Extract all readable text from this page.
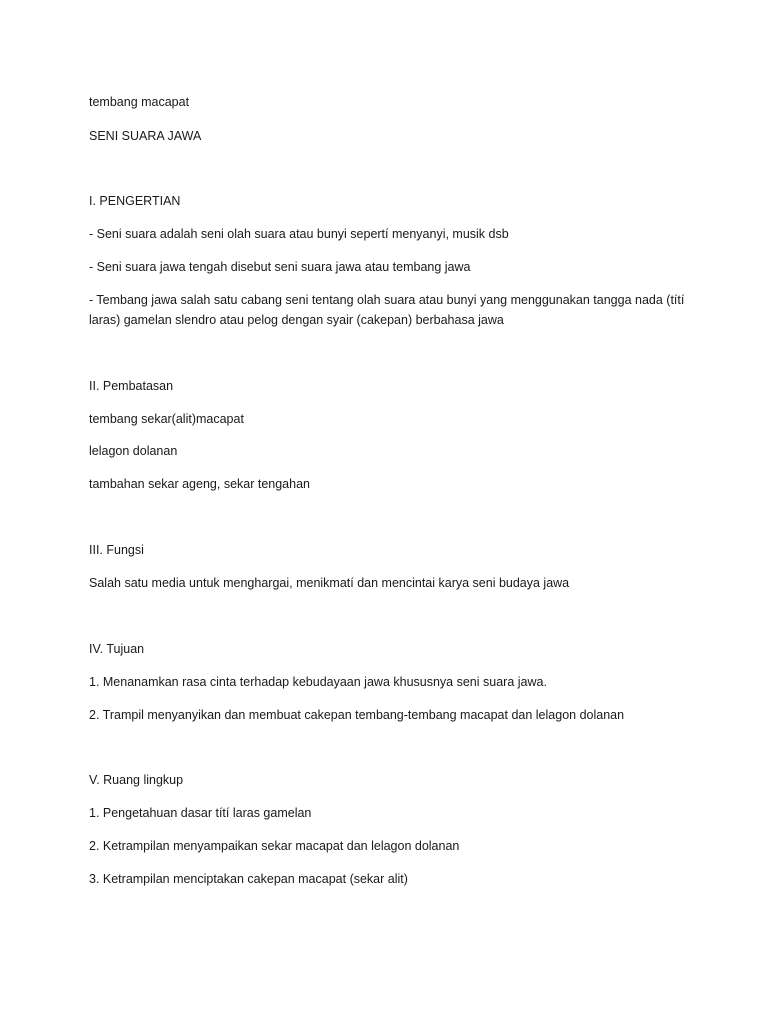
tembang macapat
SENI SUARA JAWA
I. PENGERTIAN
- Seni suara adalah seni olah suara atau bunyi sepertí menyanyi, musik dsb
- Seni suara jawa tengah disebut seni suara jawa atau tembang jawa
- Tembang jawa salah satu cabang seni tentang olah suara atau bunyi yang menggunakan tangga nada (títí laras) gamelan slendro atau pelog dengan syair (cakepan) berbahasa jawa
II. Pembatasan
tembang sekar(alit)macapat
lelagon dolanan
tambahan sekar ageng, sekar tengahan
III. Fungsi
Salah satu media untuk menghargai, menikmatí dan mencintai karya seni budaya jawa
IV. Tujuan
1. Menanamkan rasa cinta terhadap kebudayaan jawa khususnya seni suara jawa.
2. Trampil menyanyikan dan membuat cakepan tembang-tembang macapat dan lelagon dolanan
V. Ruang lingkup
1. Pengetahuan dasar títí laras gamelan
2. Ketrampilan menyampaikan sekar macapat dan lelagon dolanan
3. Ketrampilan menciptakan cakepan macapat (sekar alit)
